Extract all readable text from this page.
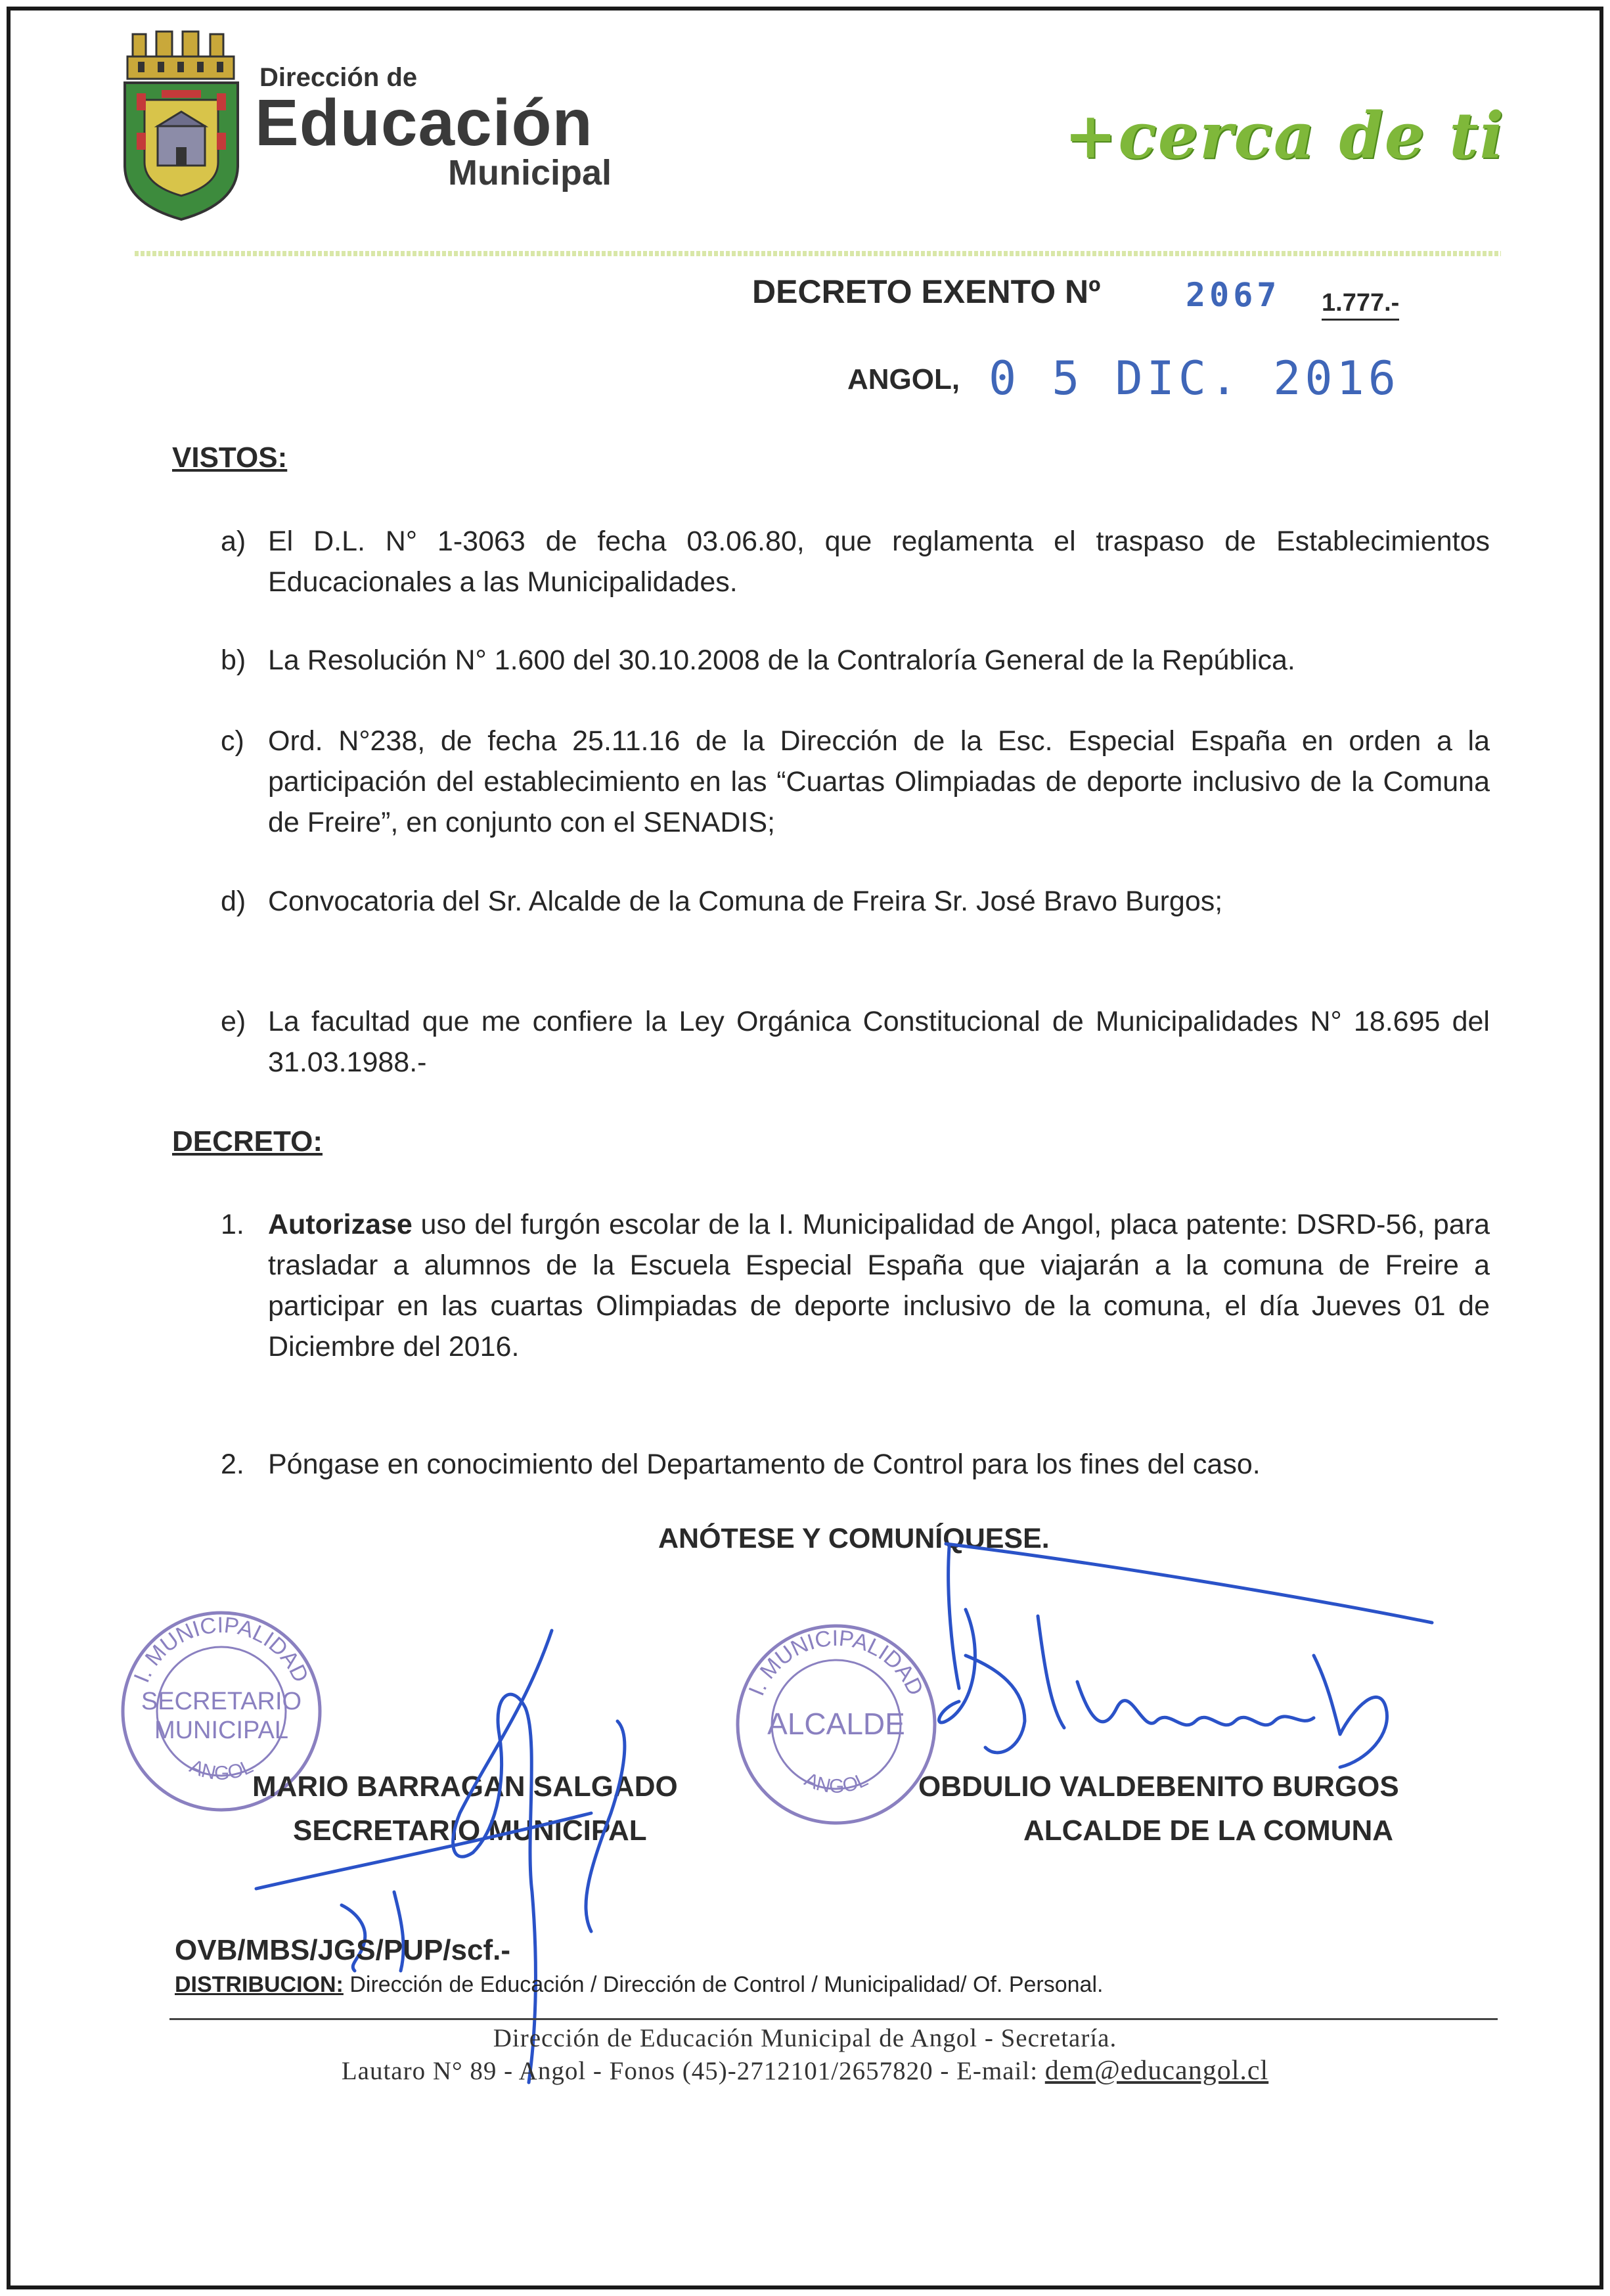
Dirección de
Educación
Municipal	+cerca de ti
DECRETO EXENTO Nº	2067 1.777.-
ANGOL, 0 5 DIC. 2016
VISTOS:
a) El D.L. N° 1-3063 de fecha 03.06.80, que reglamenta el traspaso de Establecimientos Educacionales a las Municipalidades.
b) La Resolución N° 1.600 del 30.10.2008 de la Contraloría General de la República.
c) Ord. N°238, de fecha 25.11.16 de la Dirección de la Esc. Especial España en orden a la participación del establecimiento en las “Cuartas Olimpiadas de deporte inclusivo de la Comuna de Freire”, en conjunto con el SENADIS;
d) Convocatoria del Sr. Alcalde de la Comuna de Freira Sr. José Bravo Burgos;
e) La facultad que me confiere la Ley Orgánica Constitucional de Municipalidades N° 18.695 del 31.03.1988.-
DECRETO:
1. Autorizase uso del furgón escolar de la I. Municipalidad de Angol, placa patente: DSRD-56, para trasladar a alumnos de la Escuela Especial España que viajarán a la comuna de Freire a participar en las cuartas Olimpiadas de deporte inclusivo de la comuna, el día Jueves 01 de Diciembre del 2016.
2. Póngase en conocimiento del Departamento de Control para los fines del caso.
ANÓTESE Y COMUNÍQUESE.
I. MUNICIPALIDAD
SECRETARIO
MUNICIPAL
ANGOL
I. MUNICIPALIDAD
ALCALDE
ANGOL
MARIO BARRAGAN SALGADO
SECRETARIO MUNICIPAL
OBDULIO VALDEBENITO BURGOS
ALCALDE DE LA COMUNA
OVB/MBS/JGS/PUP/scf.-
DISTRIBUCION: Dirección de Educación / Dirección de Control / Municipalidad/ Of. Personal.
Dirección de Educación Municipal de Angol - Secretaría.
Lautaro N° 89 - Angol - Fonos (45)-2712101/2657820 - E-mail: dem@educangol.cl
